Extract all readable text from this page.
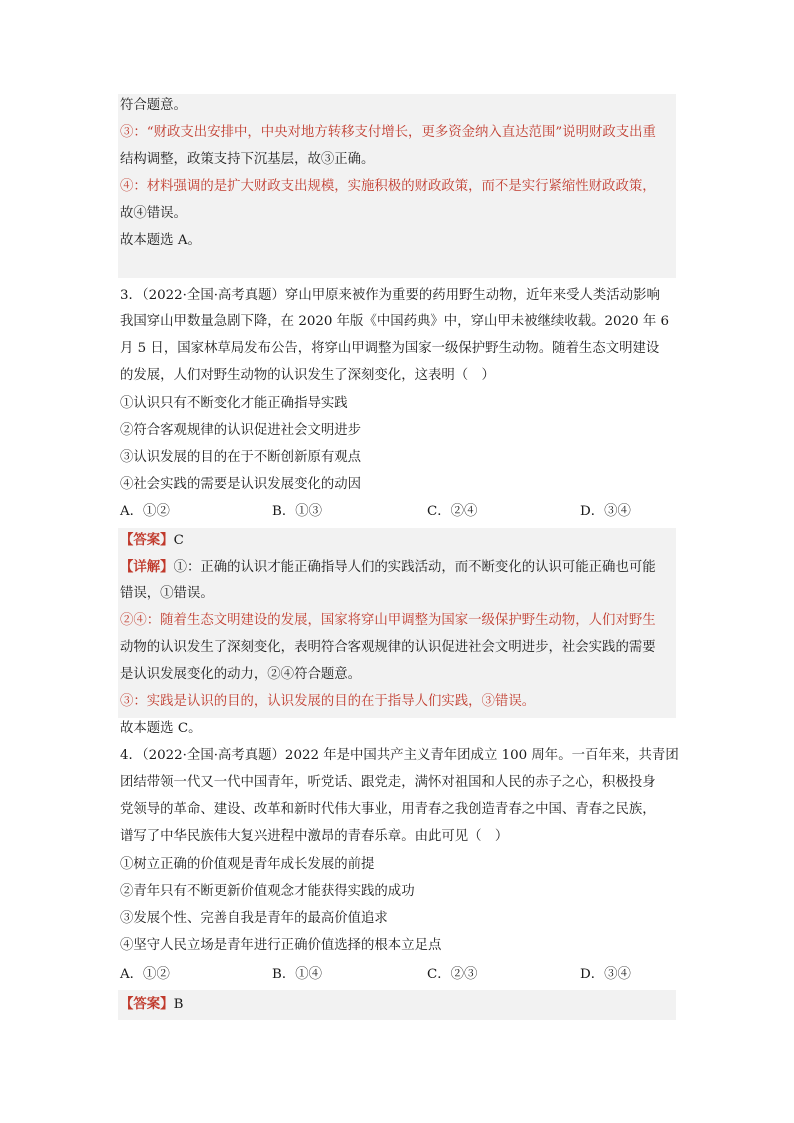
符合题意。
③：“财政支出安排中，中央对地方转移支付增长，更多资金纳入直达范围”说明财政支出重
结构调整，政策支持下沉基层，故③正确。
④：材料强调的是扩大财政支出规模，实施积极的财政政策，而不是实行紧缩性财政政策，
故④错误。
故本题选 A。
3．（2022·全国·高考真题）穿山甲原来被作为重要的药用野生动物，近年来受人类活动影响
我国穿山甲数量急剧下降，在 2020 年版《中国药典》中，穿山甲未被继续收载。2020 年 6
月 5 日，国家林草局发布公告，将穿山甲调整为国家一级保护野生动物。随着生态文明建设
的发展，人们对野生动物的认识发生了深刻变化，这表明（　）
①认识只有不断变化才能正确指导实践
②符合客观规律的认识促进社会文明进步
③认识发展的目的在于不断创新原有观点
④社会实践的需要是认识发展变化的动因
A．①②	B．①③	C．②④	D．③④
【答案】C
【详解】①：正确的认识才能正确指导人们的实践活动，而不断变化的认识可能正确也可能
错误，①错误。
②④：随着生态文明建设的发展，国家将穿山甲调整为国家一级保护野生动物，人们对野生
动物的认识发生了深刻变化，表明符合客观规律的认识促进社会文明进步，社会实践的需要
是认识发展变化的动力，②④符合题意。
③：实践是认识的目的，认识发展的目的在于指导人们实践，③错误。
故本题选 C。
4．（2022·全国·高考真题）2022 年是中国共产主义青年团成立 100 周年。一百年来，共青团
团结带领一代又一代中国青年，听党话、跟党走，满怀对祖国和人民的赤子之心，积极投身
党领导的革命、建设、改革和新时代伟大事业，用青春之我创造青春之中国、青春之民族，
谱写了中华民族伟大复兴进程中激昂的青春乐章。由此可见（　）
①树立正确的价值观是青年成长发展的前提
②青年只有不断更新价值观念才能获得实践的成功
③发展个性、完善自我是青年的最高价值追求
④坚守人民立场是青年进行正确价值选择的根本立足点
A．①②	B．①④	C．②③	D．③④
【答案】B
